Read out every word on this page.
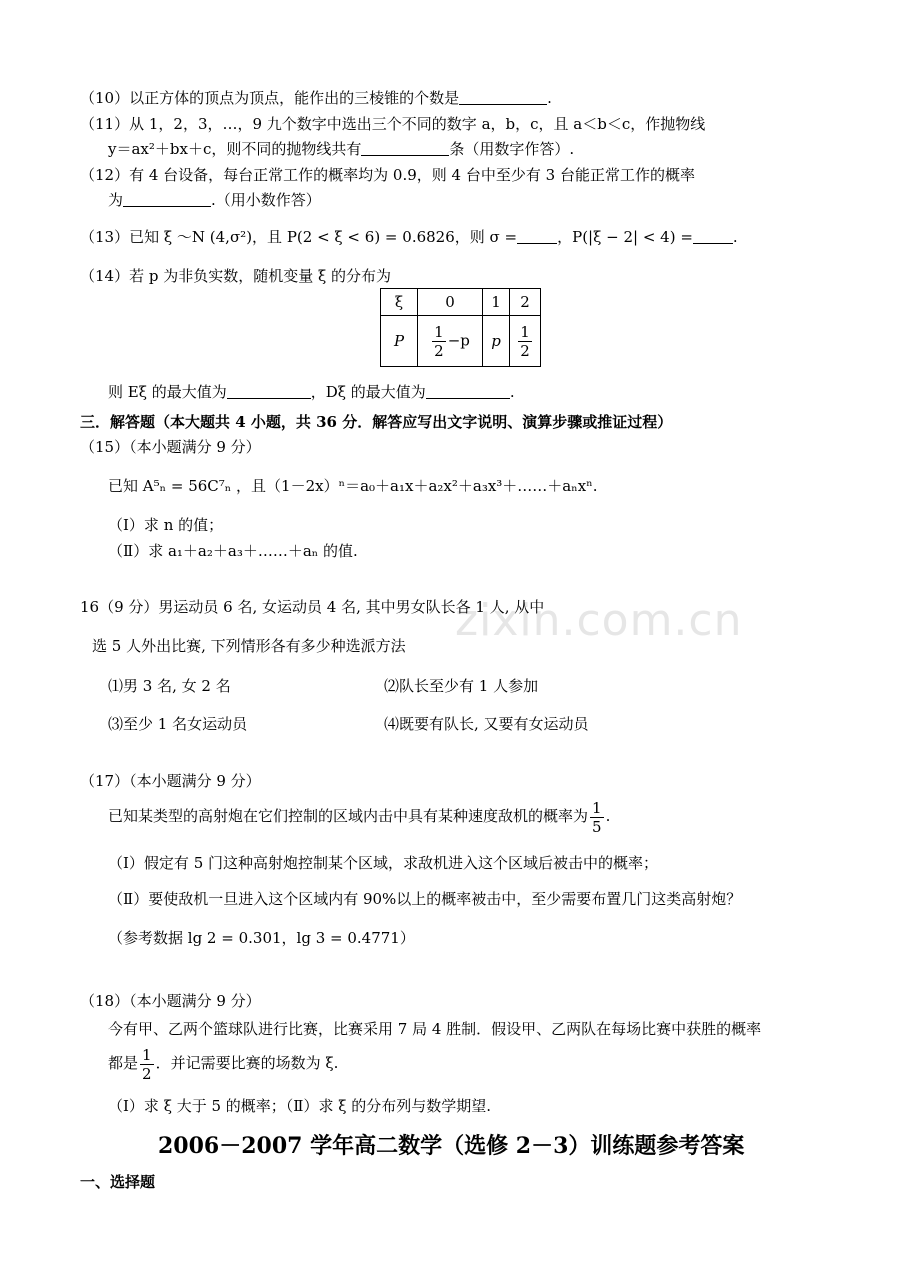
zixin.com.cn
（10）以正方体的顶点为顶点，能作出的三棱锥的个数是	.
（11）从 1，2，3，…，9 九个数字中选出三个不同的数字 a，b，c，且 a＜b＜c，作抛物线
y＝ax²＋bx＋c，则不同的抛物线共有	条（用数字作答）.
（12）有 4 台设备，每台正常工作的概率均为 0.9，则 4 台中至少有 3 台能正常工作的概率
为	.（用小数作答）
（13）已知 ξ ～N (4,σ²)，且 P(2 < ξ < 6) = 0.6826，则 σ =	，P(|ξ − 2| < 4) =	.
（14）若 p 为非负实数，随机变量 ξ 的分布为
ξ	0	1	2
P	$\frac{1}{2} -p$	p	$\frac{1}{2}$
则 Eξ 的最大值为	，Dξ 的最大值为	.
三．解答题（本大题共 4 小题，共 36 分．解答应写出文字说明、演算步骤或推证过程）
（15）（本小题满分 9 分）
已知 A⁵ₙ = 56C⁷ₙ ，且（1－2x）ⁿ＝a₀＋a₁x＋a₂x²＋a₃x³＋……＋aₙxⁿ.
（Ⅰ）求 n 的值；
（Ⅱ）求 a₁＋a₂＋a₃＋……＋aₙ 的值.
16（9 分）男运动员 6 名, 女运动员 4 名, 其中男女队长各 1 人, 从中
选 5 人外出比赛, 下列情形各有多少种选派方法
⑴男 3 名, 女 2 名	⑵队长至少有 1 人参加
⑶至少 1 名女运动员	⑷既要有队长, 又要有女运动员
（17）（本小题满分 9 分）
已知某类型的高射炮在它们控制的区域内击中具有某种速度敌机的概率为 $\frac{1}{5}$ .
（Ⅰ）假定有 5 门这种高射炮控制某个区域，求敌机进入这个区域后被击中的概率；
（Ⅱ）要使敌机一旦进入这个区域内有 90%以上的概率被击中，至少需要布置几门这类高射炮？
（参考数据 lg 2 = 0.301，lg 3 = 0.4771）
（18）（本小题满分 9 分）
今有甲、乙两个篮球队进行比赛，比赛采用 7 局 4 胜制．假设甲、乙两队在每场比赛中获胜的概率
都是 $\frac{1}{2}$ ．并记需要比赛的场数为 ξ.
（Ⅰ）求 ξ 大于 5 的概率；（Ⅱ）求 ξ 的分布列与数学期望.
2006－2007 学年高二数学（选修 2－3）训练题参考答案
一、选择题
